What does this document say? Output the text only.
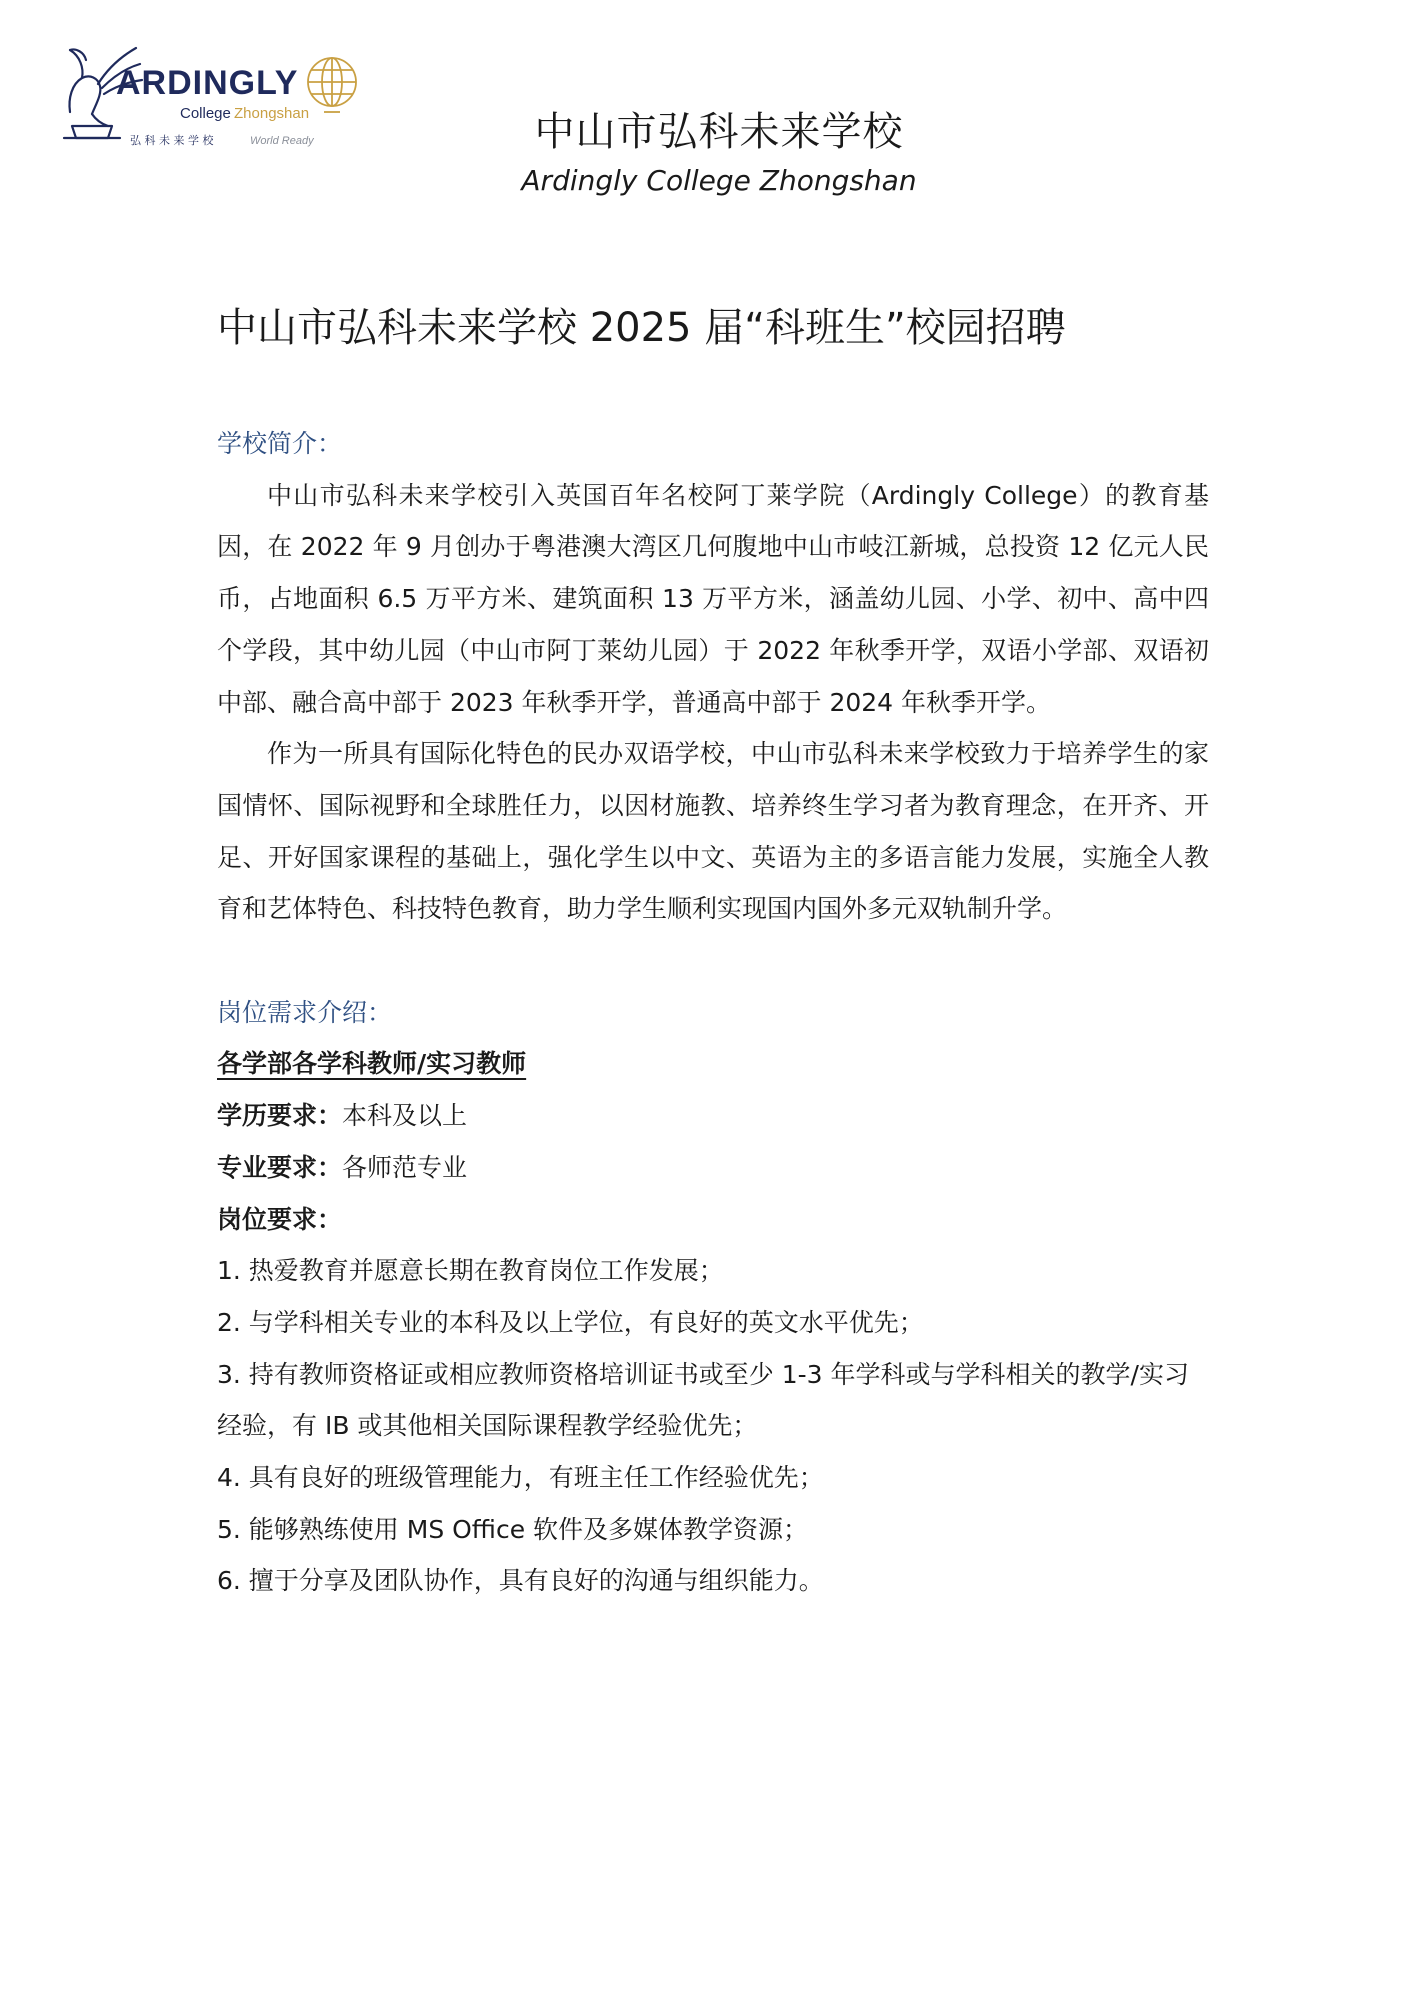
ARDINGLY
College Zhongshan
弘 科 未 来 学 校	World Ready	中山市弘科未来学校
Ardingly College Zhongshan
中山市弘科未来学校 2025 届“科班生”校园招聘
学校简介：

中山市弘科未来学校引入英国百年名校阿丁莱学院（Ardingly College）的教育基因，在 2022 年 9 月创办于粤港澳大湾区几何腹地中山市岐江新城，总投资 12 亿元人民币，占地面积 6.5 万平方米、建筑面积 13 万平方米，涵盖幼儿园、小学、初中、高中四个学段，其中幼儿园（中山市阿丁莱幼儿园）于 2022 年秋季开学，双语小学部、双语初中部、融合高中部于 2023 年秋季开学，普通高中部于 2024 年秋季开学。

作为一所具有国际化特色的民办双语学校，中山市弘科未来学校致力于培养学生的家国情怀、国际视野和全球胜任力，以因材施教、培养终生学习者为教育理念，在开齐、开足、开好国家课程的基础上，强化学生以中文、英语为主的多语言能力发展，实施全人教育和艺体特色、科技特色教育，助力学生顺利实现国内国外多元双轨制升学。

岗位需求介绍：

各学部各学科教师/实习教师

学历要求：本科及以上

专业要求：各师范专业

岗位要求：

1. 热爱教育并愿意长期在教育岗位工作发展；
2. 与学科相关专业的本科及以上学位，有良好的英文水平优先；
3. 持有教师资格证或相应教师资格培训证书或至少 1-3 年学科或与学科相关的教学/实习经验，有 IB 或其他相关国际课程教学经验优先；
4. 具有良好的班级管理能力，有班主任工作经验优先；
5. 能够熟练使用 MS Office 软件及多媒体教学资源；
6. 擅于分享及团队协作，具有良好的沟通与组织能力。
